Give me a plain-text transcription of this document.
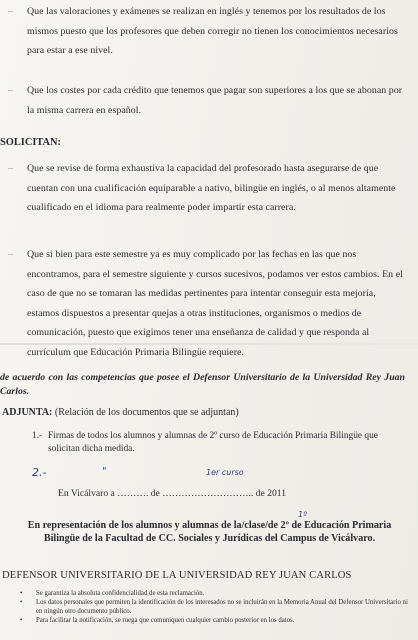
–	Que las valoraciones y exámenes se realizan en inglés y tenemos por los resultados de los mismos puesto que los profesores que deben corregir no tienen los conocimientos necesarios para estar a ese nivel.
–	Que los costes por cada crédito que tenemos que pagar son superiores a los que se abonan por la misma carrera en español.
SOLICITAN:
–	Que se revise de forma exhaustiva la capacidad del profesorado hasta asegurarse de que cuentan con una cualificación equiparable a nativo, bilingüe en inglés, o al menos altamente cualificado en el idioma para realmente poder impartir esta carrera.
–	Que si bien para este semestre ya es muy complicado por las fechas en las que nos encontramos, para el semestre siguiente y cursos sucesivos, podamos ver estos cambios. En el caso de que no se tomaran las medidas pertinentes para intentar conseguir esta mejoría, estamos dispuestos a presentar quejas a otras instituciones, organismos o medios de comunicación, puesto que exigimos tener una enseñanza de calidad y que responda al currículum que Educación Primaria Bilingüe requiere.
de acuerdo con las competencias que posee el Defensor Universitario de la Universidad Rey Juan Carlos.
ADJUNTA: (Relación de los documentos que se adjuntan)
1.- Firmas de todos los alumnos y alumnas de 2º curso de Educación Primaria Bilingüe que solicitan dicha medida.
2.-	"	1er curso
En Vicálvaro a ………. de ……………………….. de 2011
1º
En representación de los alumnos y alumnas de la/clase/de 2º de Educación Primaria Bilingüe de la Facultad de CC. Sociales y Jurídicas del Campus de Vicálvaro.
DEFENSOR UNIVERSITARIO DE LA UNIVERSIDAD REY JUAN CARLOS
• Se garantiza la absoluta confidencialidad de esta reclamación.
• Los datos personales que permiten la identificación de los interesados no se incluirán en la Memoria Anual del Defensor Universitario ni en ningún otro documento público.
• Para facilitar la notificación, se ruega que comuniquen cualquier cambio posterior en los datos.
